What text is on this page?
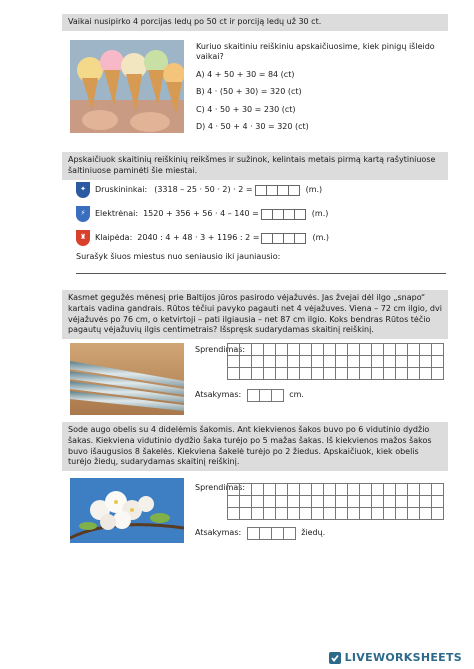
Vaikai nusipirko 4 porcijas ledų po 50 ct ir porciją ledų už 30 ct.
Kuriuo skaitiniu reiškiniu apskaičiuosime, kiek pinigų išleido vaikai?
A) 4 + 50 + 30 = 84 (ct)
B) 4 · (50 + 30) = 320 (ct)
C) 4 · 50 + 30 = 230 (ct)
D) 4 · 50 + 4 · 30 = 320 (ct)
Apskaičiuok skaitinių reiškinių reikšmes ir sužinok, kelintais metais pirmą kartą rašytiniuose šaltiniuose paminėti šie miestai.
✦	Druskininkai: (3318 – 25 · 50 · 2) · 2 =	(m.)
⚡	Elektrėnai: 1520 + 356 + 56 · 4 – 140 =	(m.)
♜	Klaipėda: 2040 : 4 + 48 · 3 + 1196 : 2 =	(m.)
Surašyk šiuos miestus nuo seniausio iki jauniausio:
Kasmet gegužės mėnesį prie Baltijos jūros pasirodo vėjažuvės. Jas žvejai dėl ilgo „snapo“ kartais vadina gandrais. Rūtos tėčiui pavyko pagauti net 4 vėjažuves. Viena – 72 cm ilgio, dvi vėjažuvės po 76 cm, o ketvirtoji – pati ilgiausia – net 87 cm ilgio. Koks bendras Rūtos tėčio pagautų vėjažuvių ilgis centimetrais? Išspręsk sudarydamas skaitinį reiškinį.
Sprendimas:
Atsakymas:	cm.
Sode augo obelis su 4 didelėmis šakomis. Ant kiekvienos šakos buvo po 6 vidutinio dydžio šakas. Kiekviena vidutinio dydžio šaka turėjo po 5 mažas šakas. Iš kiekvienos mažos šakos buvo išaugusios 8 šakelės. Kiekviena šakelė turėjo po 2 žiedus. Apskaičiuok, kiek obelis turėjo žiedų, sudarydamas skaitinį reiškinį.
Sprendimas:
Atsakymas:	žiedų.
LIVEWORKSHEETS
